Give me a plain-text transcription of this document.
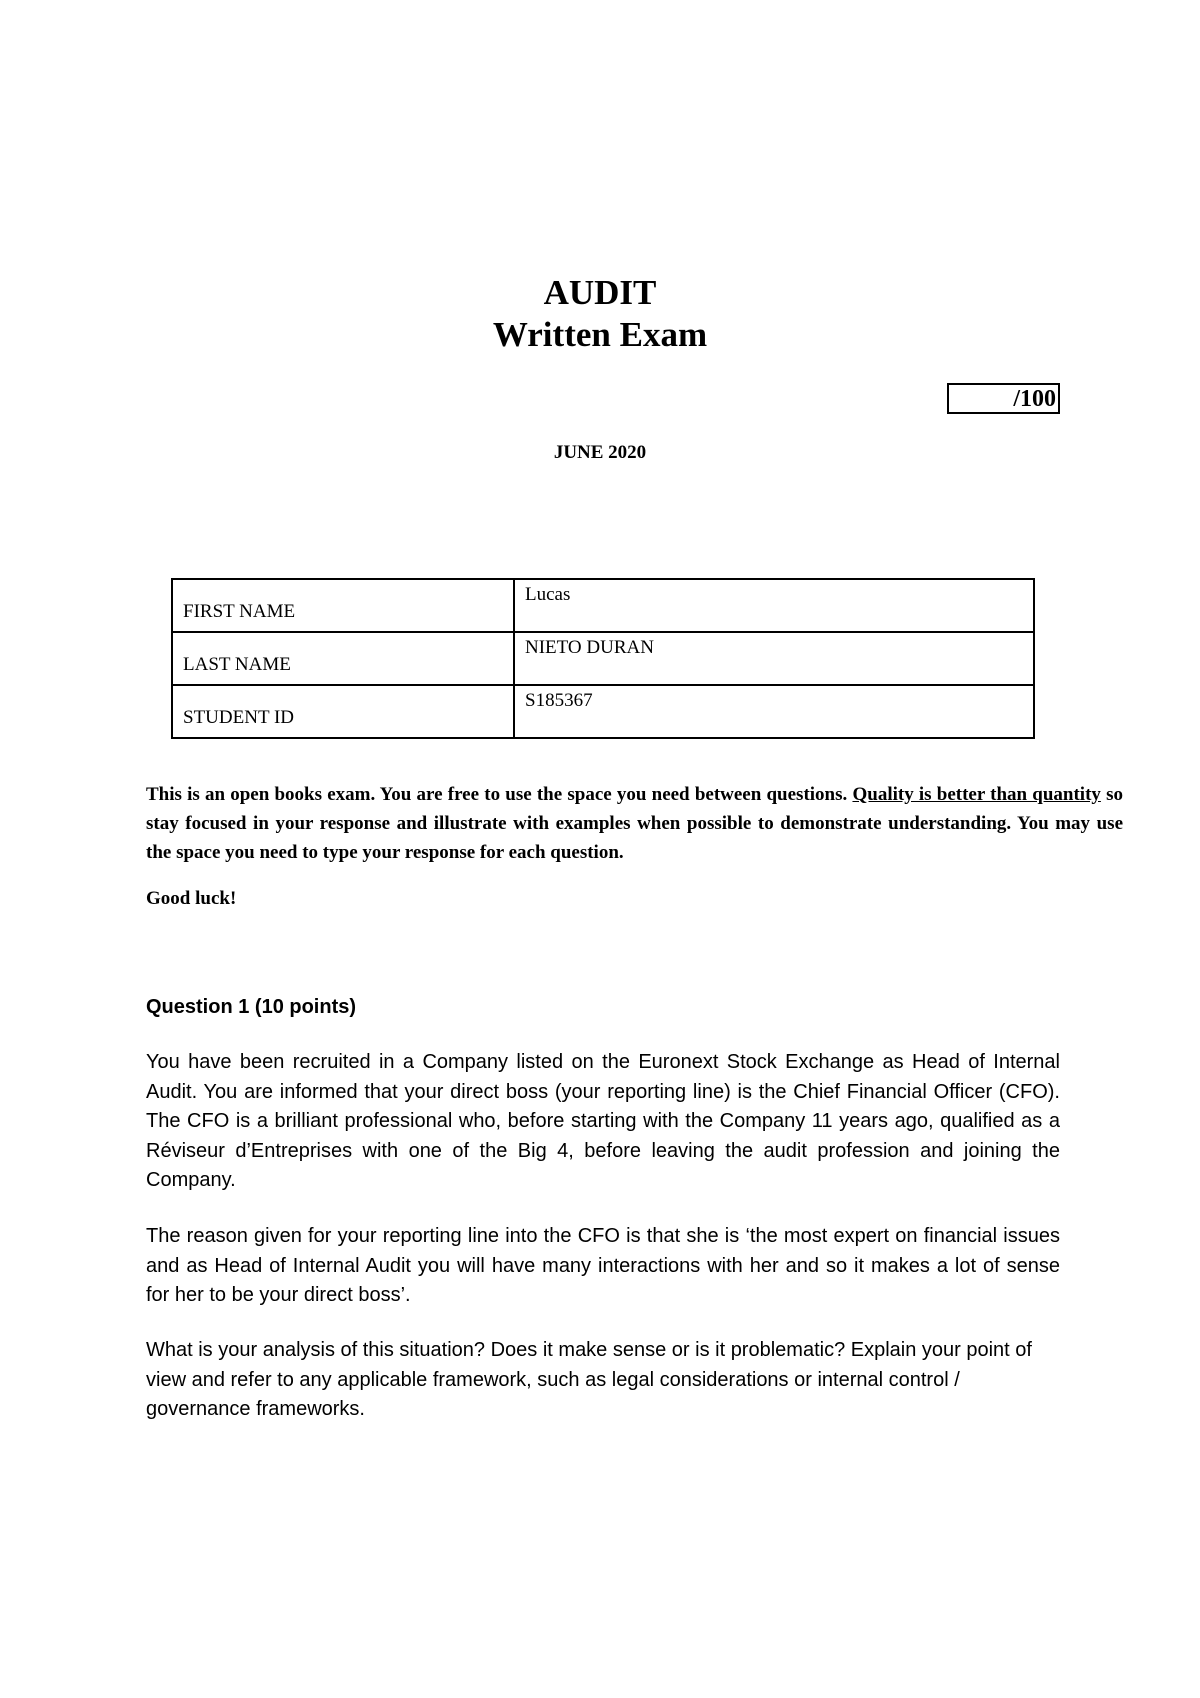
AUDIT
Written Exam
/100
JUNE 2020
FIRST NAME	Lucas
LAST NAME	NIETO DURAN
STUDENT ID	S185367

This is an open books exam. You are free to use the space you need between questions. Quality is better than quantity so stay focused in your response and illustrate with examples when possible to demonstrate understanding. You may use the space you need to type your response for each question.

Good luck!

Question 1 (10 points)

You have been recruited in a Company listed on the Euronext Stock Exchange as Head of Internal Audit. You are informed that your direct boss (your reporting line) is the Chief Financial Officer (CFO). The CFO is a brilliant professional who, before starting with the Company 11 years ago, qualified as a Réviseur d’Entreprises with one of the Big 4, before leaving the audit profession and joining the Company.

The reason given for your reporting line into the CFO is that she is ‘the most expert on financial issues and as Head of Internal Audit you will have many interactions with her and so it makes a lot of sense for her to be your direct boss’.

What is your analysis of this situation? Does it make sense or is it problematic? Explain your point of view and refer to any applicable framework, such as legal considerations or internal control / governance frameworks.
